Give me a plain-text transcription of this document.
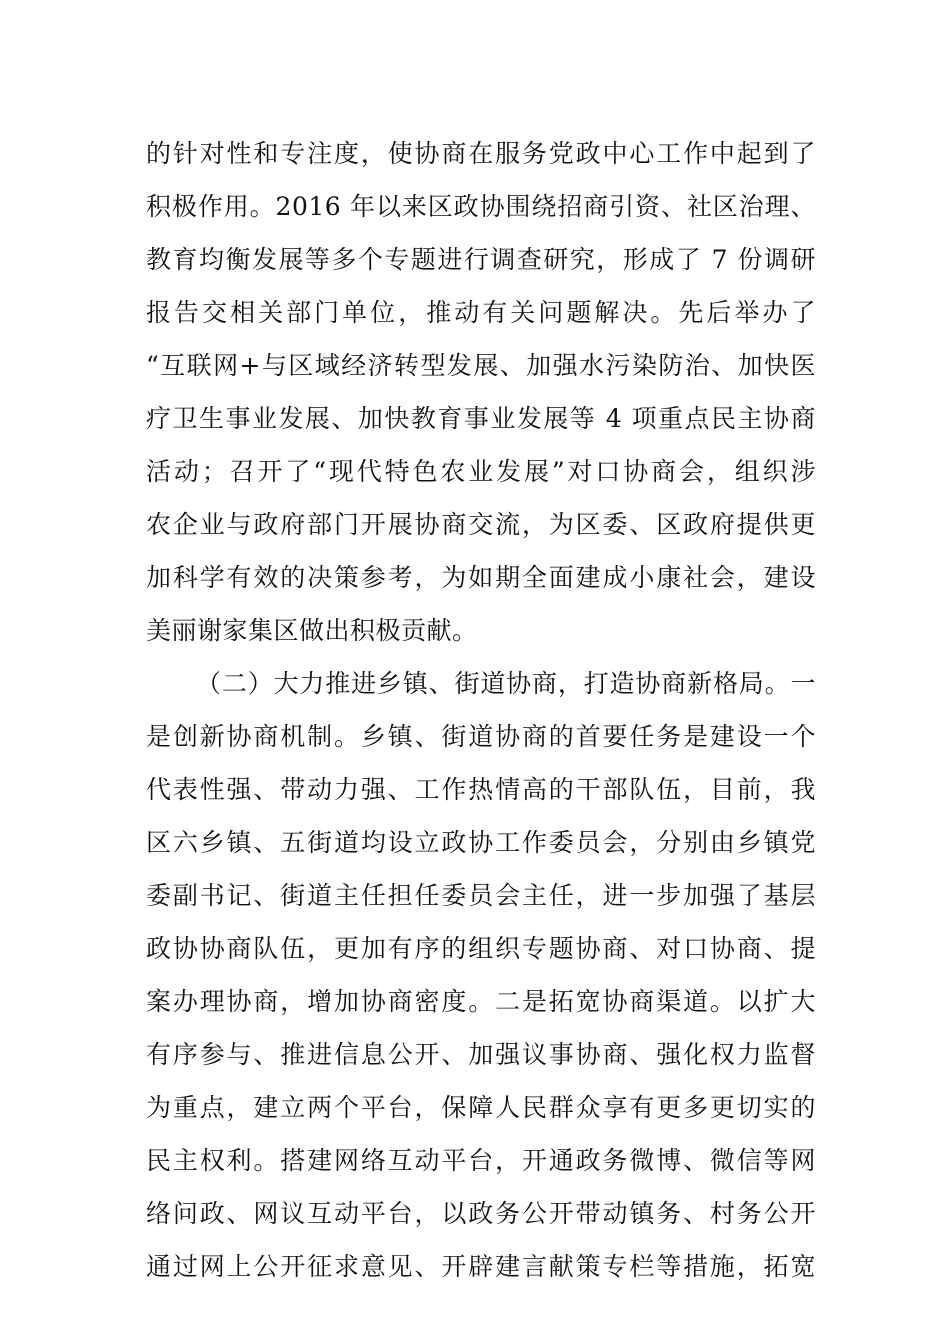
的针对性和专注度，使协商在服务党政中心工作中起到了
积极作用。2016 年以来区政协围绕招商引资、社区治理、
教育均衡发展等多个专题进行调查研究，形成了 7 份调研
报告交相关部门单位，推动有关问题解决。先后举办了
“互联网+与区域经济转型发展、加强水污染防治、加快医
疗卫生事业发展、加快教育事业发展等 4 项重点民主协商
活动；召开了“现代特色农业发展”对口协商会，组织涉
农企业与政府部门开展协商交流，为区委、区政府提供更
加科学有效的决策参考，为如期全面建成小康社会，建设
美丽谢家集区做出积极贡献。
（二）大力推进乡镇、街道协商，打造协商新格局。一
是创新协商机制。乡镇、街道协商的首要任务是建设一个
代表性强、带动力强、工作热情高的干部队伍，目前，我
区六乡镇、五街道均设立政协工作委员会，分别由乡镇党
委副书记、街道主任担任委员会主任，进一步加强了基层
政协协商队伍，更加有序的组织专题协商、对口协商、提
案办理协商，增加协商密度。二是拓宽协商渠道。以扩大
有序参与、推进信息公开、加强议事协商、强化权力监督
为重点，建立两个平台，保障人民群众享有更多更切实的
民主权利。搭建网络互动平台，开通政务微博、微信等网
络问政、网议互动平台，以政务公开带动镇务、村务公开
通过网上公开征求意见、开辟建言献策专栏等措施，拓宽
